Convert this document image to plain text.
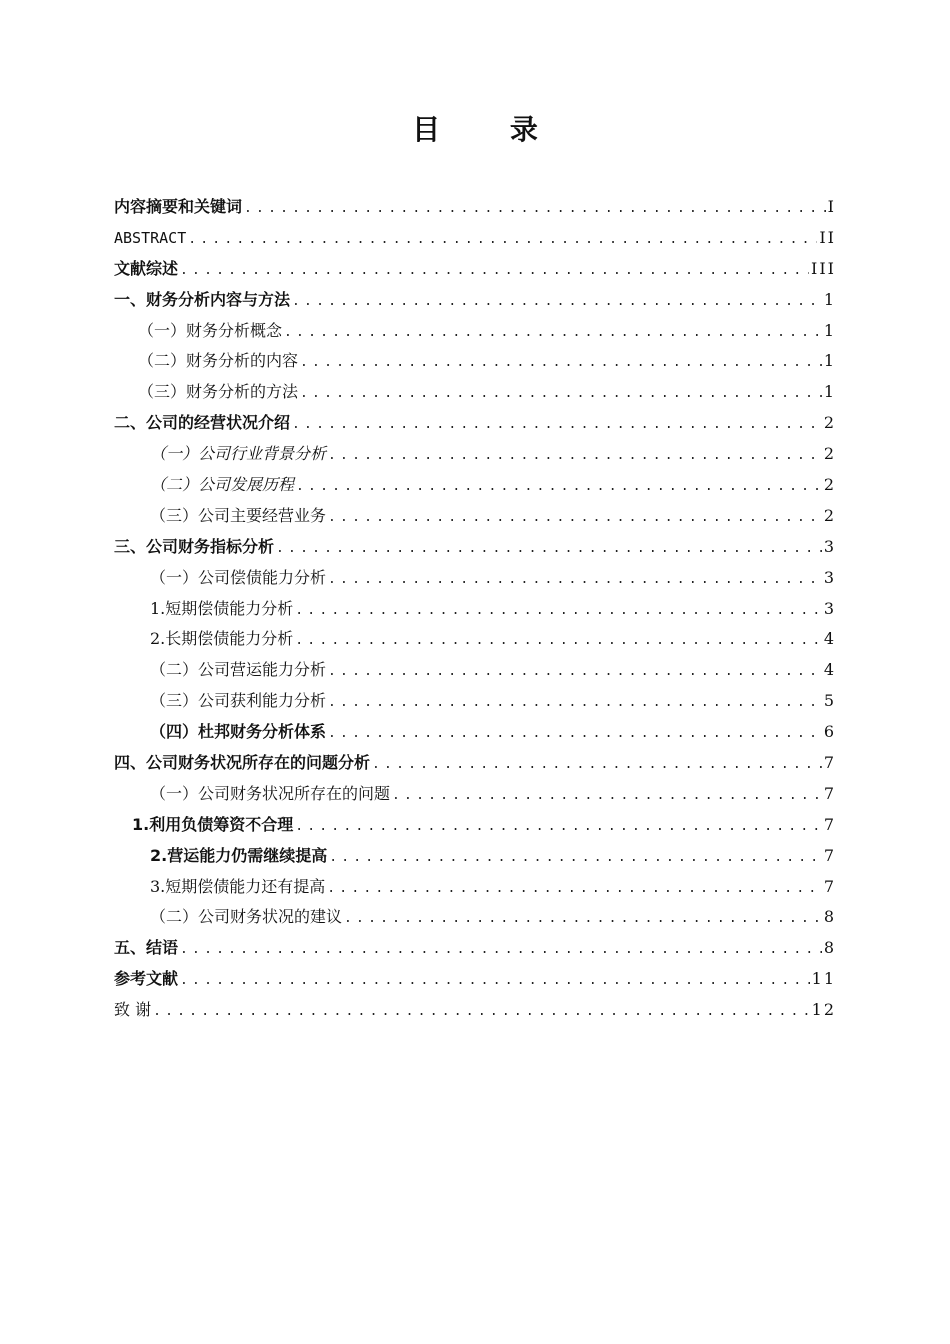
目 录
内容摘要和关键词 .....	I
ABSTRACT .....	II
文献综述 .....	III
一、财务分析内容与方法 .....	1
（一）财务分析概念 .....	1
（二）财务分析的内容 .....	1
（三）财务分析的方法 .....	1
二、公司的经营状况介绍 .....	2
（一）公司行业背景分析 .....	2
（二）公司发展历程 .....	2
（三）公司主要经营业务 .....	2
三、公司财务指标分析 .....	3
（一）公司偿债能力分析 .....	3
1.短期偿债能力分析 .....	3
2.长期偿债能力分析 .....	4
（二）公司营运能力分析 .....	4
（三）公司获利能力分析 .....	5
（四）杜邦财务分析体系 .....	6
四、公司财务状况所存在的问题分析 .....	7
（一）公司财务状况所存在的问题 .....	7
1.利用负债筹资不合理 .....	7
2.营运能力仍需继续提高 .....	7
3.短期偿债能力还有提高 .....	7
（二）公司财务状况的建议 .....	8
五、结语 .....	8
参考文献 .....	11
致 谢 .....	12
